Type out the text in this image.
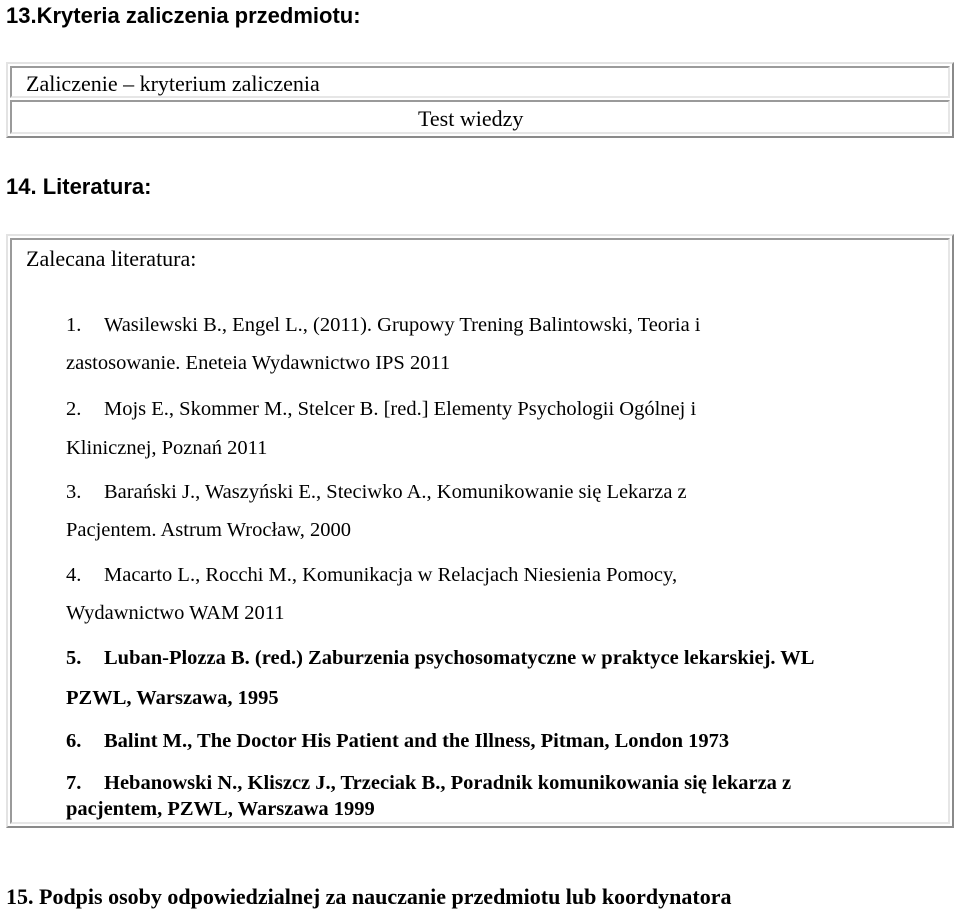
13.Kryteria zaliczenia przedmiotu:
Zaliczenie – kryterium zaliczenia
Test wiedzy
14. Literatura:
Zalecana literatura:
1. Wasilewski B., Engel L., (2011). Grupowy Trening Balintowski, Teoria i
zastosowanie. Eneteia Wydawnictwo IPS 2011
2. Mojs E., Skommer M., Stelcer B. [red.] Elementy Psychologii Ogólnej i
Klinicznej, Poznań 2011
3. Barański J., Waszyński E., Steciwko A., Komunikowanie się Lekarza z
Pacjentem. Astrum Wrocław, 2000
4. Macarto L., Rocchi M., Komunikacja w Relacjach Niesienia Pomocy,
Wydawnictwo WAM 2011
5. Luban-Plozza B. (red.) Zaburzenia psychosomatyczne w praktyce lekarskiej. WL
PZWL, Warszawa, 1995
6. Balint M., The Doctor His Patient and the Illness, Pitman, London 1973
7. Hebanowski N., Kliszcz J., Trzeciak B., Poradnik komunikowania się lekarza z
pacjentem, PZWL, Warszawa 1999
15. Podpis osoby odpowiedzialnej za nauczanie przedmiotu lub koordynatora
